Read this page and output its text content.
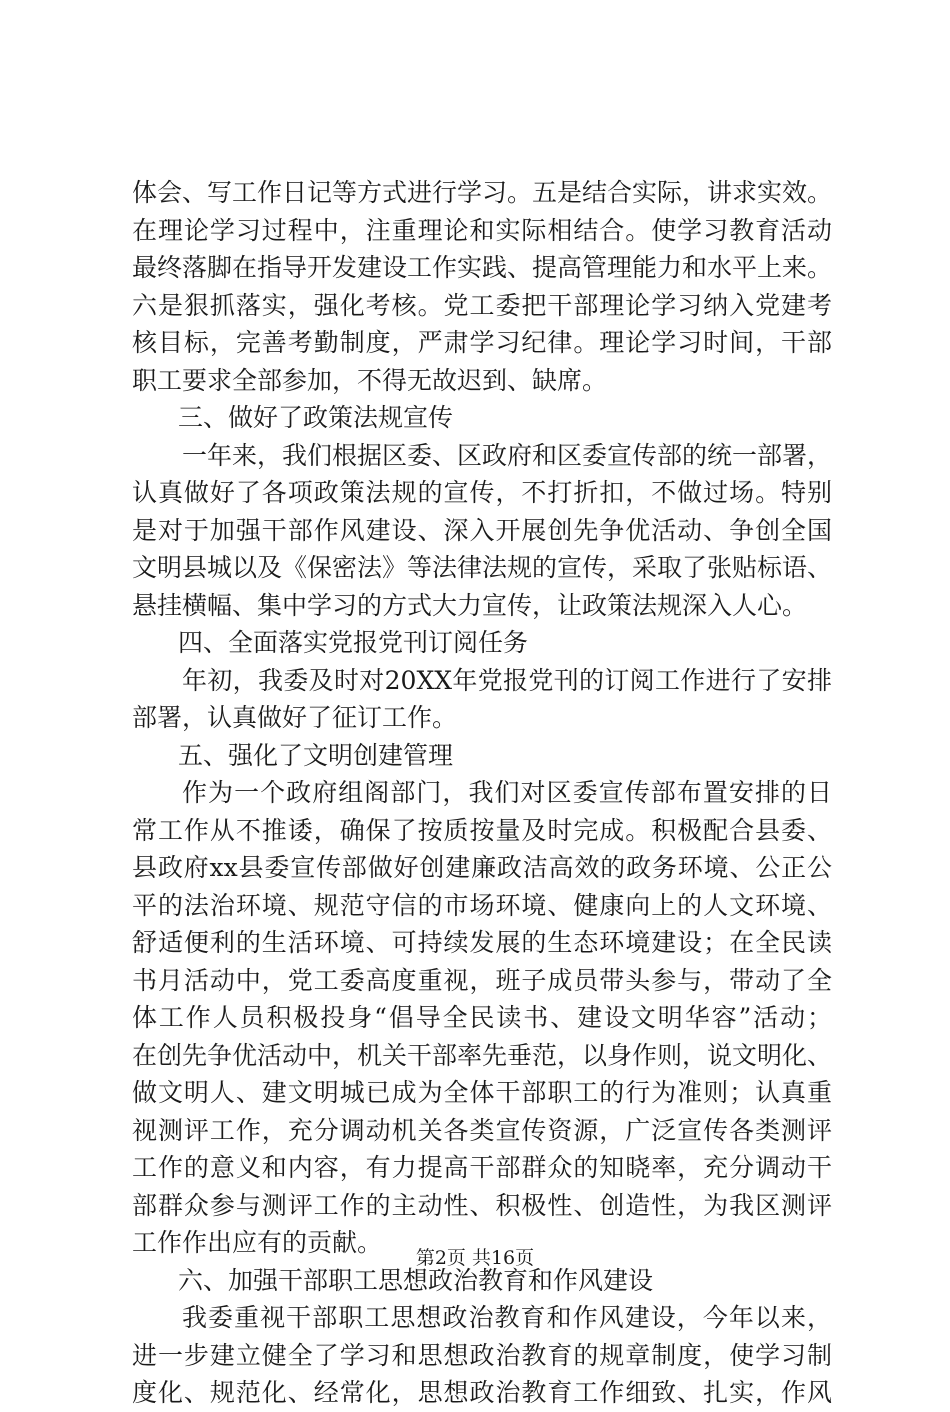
体会、写工作日记等方式进行学习。五是结合实际，讲求实效。
在理论学习过程中，注重理论和实际相结合。使学习教育活动
最终落脚在指导开发建设工作实践、提高管理能力和水平上来。
六是狠抓落实，强化考核。党工委把干部理论学习纳入党建考
核目标，完善考勤制度，严肃学习纪律。理论学习时间，干部
职工要求全部参加，不得无故迟到、缺席。
三、做好了政策法规宣传
一年来，我们根据区委、区政府和区委宣传部的统一部署，
认真做好了各项政策法规的宣传，不打折扣，不做过场。特别
是对于加强干部作风建设、深入开展创先争优活动、争创全国
文明县城以及《保密法》等法律法规的宣传，采取了张贴标语、
悬挂横幅、集中学习的方式大力宣传，让政策法规深入人心。
四、全面落实党报党刊订阅任务
年初，我委及时对20XX年党报党刊的订阅工作进行了安排
部署，认真做好了征订工作。
五、强化了文明创建管理
作为一个政府组阁部门，我们对区委宣传部布置安排的日
常工作从不推诿，确保了按质按量及时完成。积极配合县委、
县政府xx县委宣传部做好创建廉政洁高效的政务环境、公正公
平的法治环境、规范守信的市场环境、健康向上的人文环境、
舒适便利的生活环境、可持续发展的生态环境建设；在全民读
书月活动中，党工委高度重视，班子成员带头参与，带动了全
体工作人员积极投身“倡导全民读书、建设文明华容”活动；
在创先争优活动中，机关干部率先垂范，以身作则，说文明化、
做文明人、建文明城已成为全体干部职工的行为准则；认真重
视测评工作，充分调动机关各类宣传资源，广泛宣传各类测评
工作的意义和内容，有力提高干部群众的知晓率，充分调动干
部群众参与测评工作的主动性、积极性、创造性，为我区测评
工作作出应有的贡献。
六、加强干部职工思想政治教育和作风建设
我委重视干部职工思想政治教育和作风建设，今年以来，
进一步建立健全了学习和思想政治教育的规章制度，使学习制
度化、规范化、经常化，思想政治教育工作细致、扎实，作风
第2页 共16页
